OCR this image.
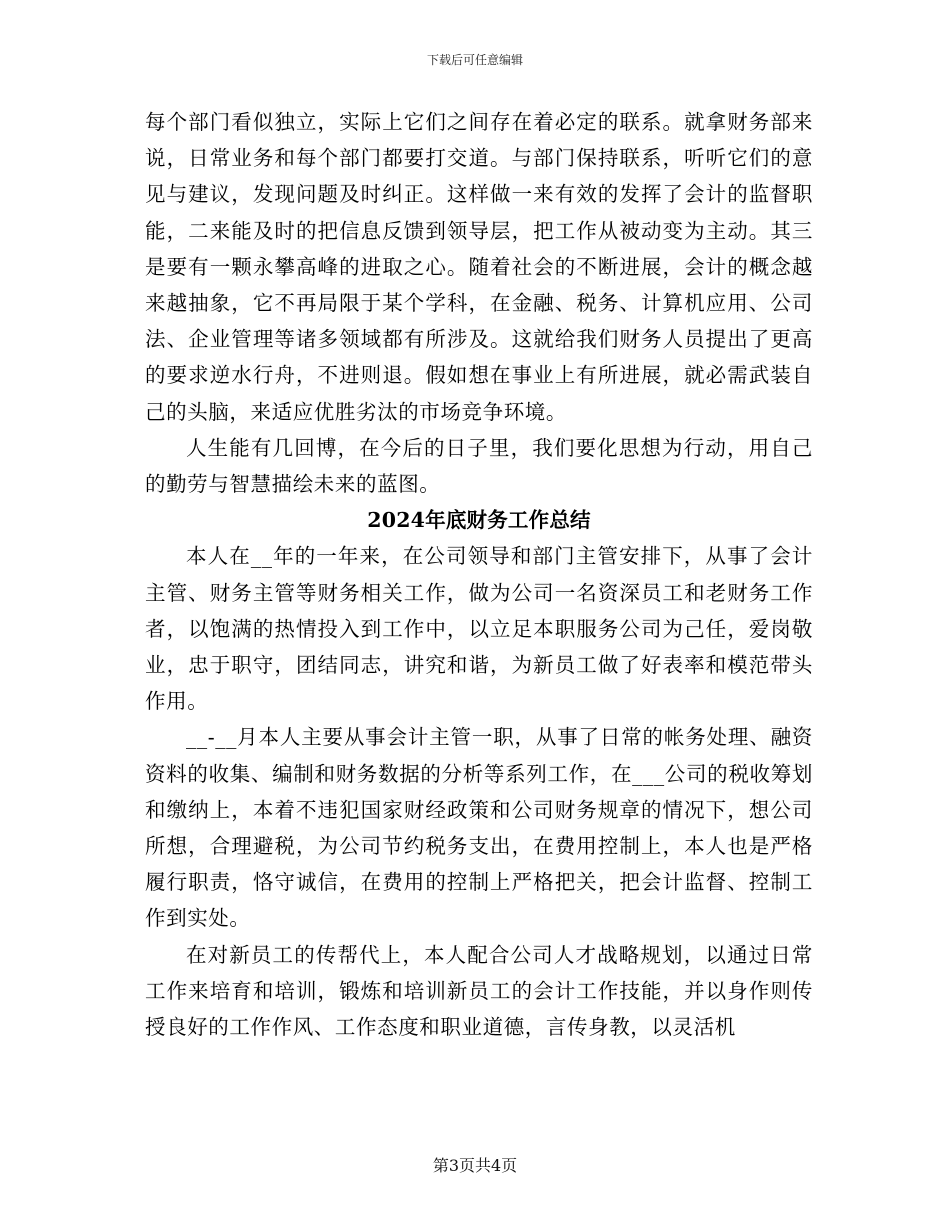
下载后可任意编辑

每个部门看似独立，实际上它们之间存在着必定的联系。就拿财务部来说，日常业务和每个部门都要打交道。与部门保持联系，听听它们的意见与建议，发现问题及时纠正。这样做一来有效的发挥了会计的监督职能，二来能及时的把信息反馈到领导层，把工作从被动变为主动。其三是要有一颗永攀高峰的进取之心。随着社会的不断进展，会计的概念越来越抽象，它不再局限于某个学科，在金融、税务、计算机应用、公司法、企业管理等诸多领域都有所涉及。这就给我们财务人员提出了更高的要求逆水行舟，不进则退。假如想在事业上有所进展，就必需武装自己的头脑，来适应优胜劣汰的市场竞争环境。

人生能有几回博，在今后的日子里，我们要化思想为行动，用自己的勤劳与智慧描绘未来的蓝图。

2024年底财务工作总结

本人在__年的一年来，在公司领导和部门主管安排下，从事了会计主管、财务主管等财务相关工作，做为公司一名资深员工和老财务工作者，以饱满的热情投入到工作中，以立足本职服务公司为己任，爱岗敬业，忠于职守，团结同志，讲究和谐，为新员工做了好表率和模范带头作用。

__-__月本人主要从事会计主管一职，从事了日常的帐务处理、融资资料的收集、编制和财务数据的分析等系列工作，在___公司的税收筹划和缴纳上，本着不违犯国家财经政策和公司财务规章的情况下，想公司所想，合理避税，为公司节约税务支出，在费用控制上，本人也是严格履行职责，恪守诚信，在费用的控制上严格把关，把会计监督、控制工作到实处。

在对新员工的传帮代上，本人配合公司人才战略规划，以通过日常工作来培育和培训，锻炼和培训新员工的会计工作技能，并以身作则传授良好的工作作风、工作态度和职业道德，言传身教，以灵活机

第3页共4页
